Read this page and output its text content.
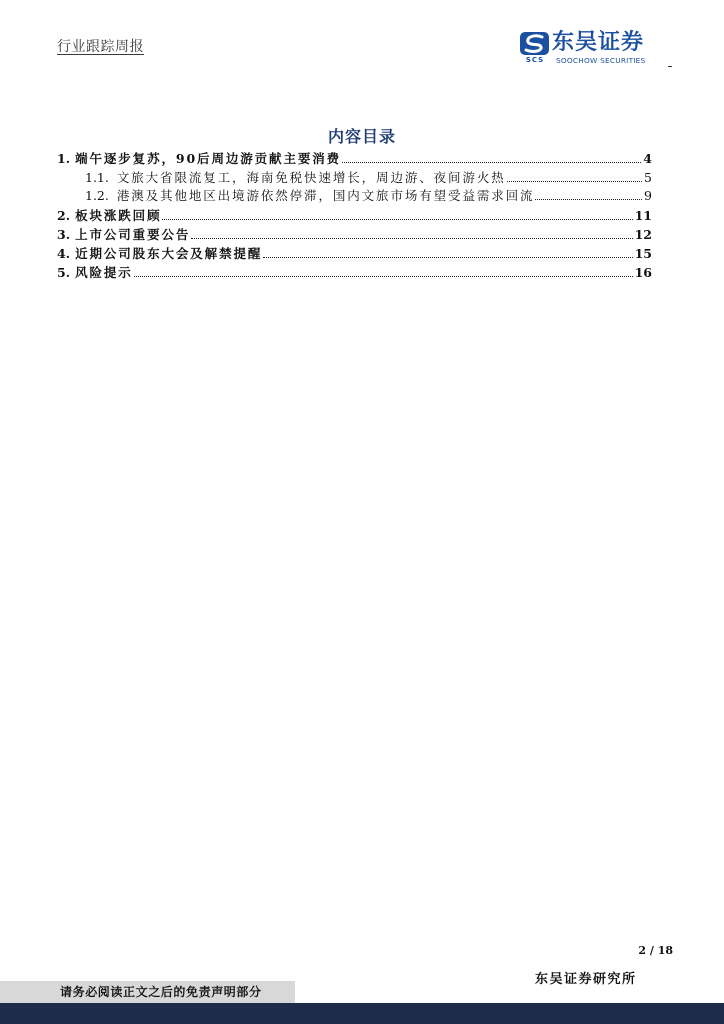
行业跟踪周报
SCS
东吴证券
SOOCHOW SECURITIES
内容目录
1. 端午逐步复苏，90后周边游贡献主要消费	4
1.1. 文旅大省限流复工，海南免税快速增长，周边游、夜间游火热	5
1.2. 港澳及其他地区出境游依然停滞，国内文旅市场有望受益需求回流	9
2. 板块涨跌回顾	11
3. 上市公司重要公告	12
4. 近期公司股东大会及解禁提醒	15
5. 风险提示	16
2 / 18
东吴证券研究所
请务必阅读正文之后的免责声明部分
